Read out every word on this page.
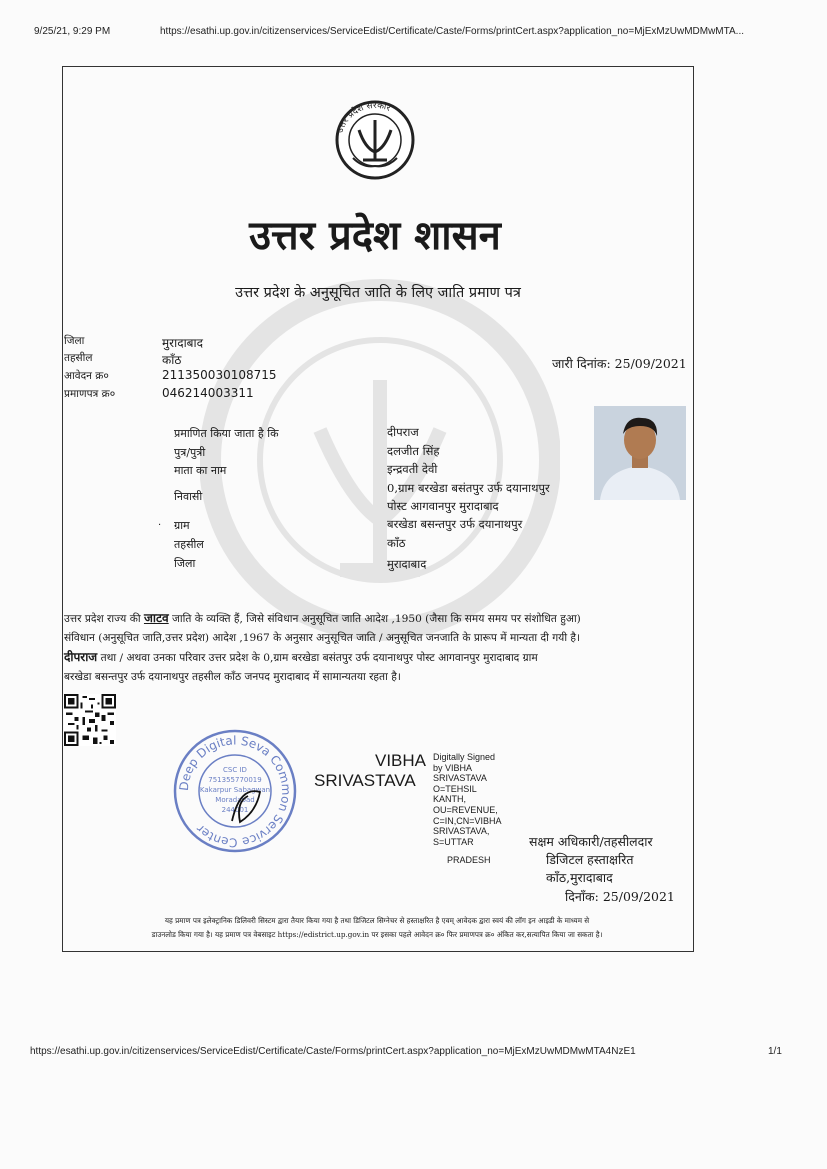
9/25/21, 9:29 PM	https://esathi.up.gov.in/citizenservices/ServiceEdist/Certificate/Caste/Forms/printCert.aspx?application_no=MjExMzUwMDMwMTA...
उत्तर प्रदेश सरकार
उत्तर प्रदेश शासन
उत्तर प्रदेश के अनुसूचित जाति के लिए जाति प्रमाण पत्र
जिला	मुरादाबाद
तहसील	काँठ
आवेदन क्र०	211350030108715
प्रमाणपत्र क्र०	046214003311
जारी दिनांक: 25/09/2021
प्रमाणित किया जाता है कि	दीपराज
पुत्र/पुत्री	दलजीत सिंह
माता का नाम	इन्द्रवती देवी
निवासी
0,ग्राम बरखेडा बसंतपुर उर्फ दयानाथपुर
पोस्ट आगवानपुर मुरादाबाद
· ग्राम	बरखेडा बसन्तपुर उर्फ दयानाथपुर
तहसील	काँठ
जिला	मुरादाबाद
उत्तर प्रदेश राज्य की जाटव जाति के व्यक्ति हैं, जिसे संविधान अनुसूचित जाति आदेश ,1950 (जैसा कि समय समय पर संशोधित हुआ)
संविधान (अनुसूचित जाति,उत्तर प्रदेश) आदेश ,1967 के अनुसार अनुसूचित जाति / अनुसूचित जनजाति के प्रारूप में मान्यता दी गयी है।
दीपराज तथा / अथवा उनका परिवार उत्तर प्रदेश के 0,ग्राम बरखेडा बसंतपुर उर्फ दयानाथपुर पोस्ट आगवानपुर मुरादाबाद ग्राम
बरखेडा बसन्तपुर उर्फ दयानाथपुर तहसील काँठ जनपद मुरादाबाद में सामान्यतया रहता है।
Deep Digital Seva Common Service Center
CSC ID
751355770019
Kakarpur Sabagwan
Moradabad
244001
VIBHA
SRIVASTAVA
Digitally Signed
by VIBHA
SRIVASTAVA
O=TEHSIL
KANTH,
OU=REVENUE,
C=IN,CN=VIBHA
SRIVASTAVA,
S=UTTAR
PRADESH
सक्षम अधिकारी/तहसीलदार
डिजिटल हस्ताक्षरित
काँठ,मुरादाबाद
दिनाँक: 25/09/2021
यह प्रमाण पत्र इलेक्ट्रानिक डिलिवरी सिस्टम द्वारा तैयार किया गया है तथा डिजिटल सिग्नेचर से हस्ताक्षरित है एवम् आवेदक द्वारा स्वयं की लॉग इन आइडी के माध्यम से
डाउनलोड किया गया है। यह प्रमाण पत्र वेबसाइट https://edistrict.up.gov.in पर इसका पहले आवेदन क्र० फिर प्रमाणपत्र क्र० अंकित कर,सत्यापित किया जा सकता है।
https://esathi.up.gov.in/citizenservices/ServiceEdist/Certificate/Caste/Forms/printCert.aspx?application_no=MjExMzUwMDMwMTA4NzE1	1/1
